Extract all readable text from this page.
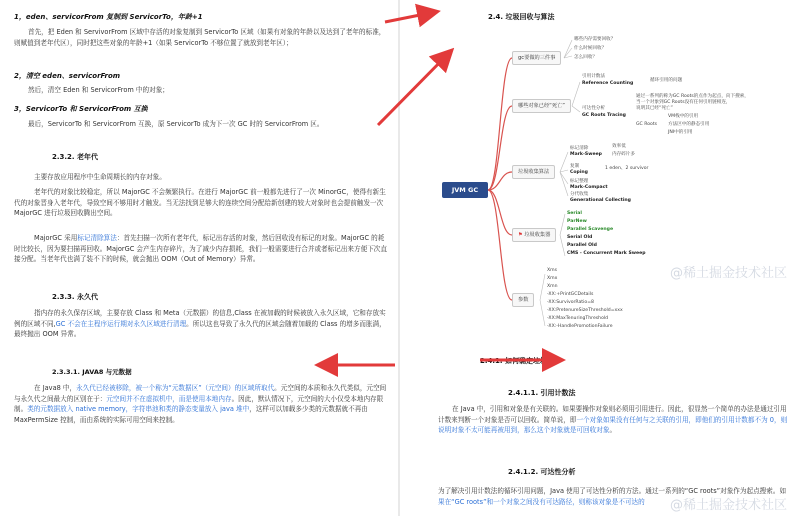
1，eden、servicorFrom 复制到 ServicorTo，年龄+1
首先，把 Eden 和 ServivorFrom 区域中存活的对象复制到 ServicorTo 区域（如果有对象的年龄以及达到了老年的标准，则赋值到老年代区），同时把这些对象的年龄+1（如果 ServicorTo 不够位置了就放到老年区）；
2，清空 eden、servicorFrom
然后，清空 Eden 和 ServicorFrom 中的对象；
3，ServicorTo 和 ServicorFrom 互换
最后，ServicorTo 和 ServicorFrom 互换，原 ServicorTo 成为下一次 GC 时的 ServicorFrom 区。
2.3.2. 老年代
主要存放应用程序中生命周期长的内存对象。
老年代的对象比较稳定，所以 MajorGC 不会频繁执行。在进行 MajorGC 前一般都先进行了一次 MinorGC，使得有新生代的对象晋身入老年代，导致空间不够用时才触发。当无法找到足够大的连续空间分配给新创建的较大对象时也会提前触发一次 MajorGC 进行垃圾回收腾出空间。
MajorGC 采用标记清除算法：首先扫描一次所有老年代，标记出存活的对象，然后回收没有标记的对象。MajorGC 的耗时比较长，因为要扫描再回收。MajorGC 会产生内存碎片，为了减少内存损耗，我们一般需要进行合并或者标记出来方便下次直接分配。当老年代也满了装不下的时候，就会抛出 OOM（Out of Memory）异常。
2.3.3. 永久代
指内存的永久保存区域，主要存放 Class 和 Meta（元数据）的信息,Class 在被加载的时候被放入永久区域，它和存放实例的区域不同,GC 不会在主程序运行期对永久区域进行清理。所以这也导致了永久代的区域会随着加载的 Class 的增多而胀满，最终抛出 OOM 异常。
2.3.3.1. JAVA8 与元数据
在 Java8 中，永久代已经被移除，被一个称为“元数据区”（元空间）的区域所取代。元空间的本质和永久代类似，元空间与永久代之间最大的区别在于：元空间并不在虚拟机中，而是使用本地内存。因此，默认情况下，元空间的大小仅受本地内存限制。类的元数据放入 native memory，字符串池和类的静态变量放入 java 堆中，这样可以加载多少类的元数据就不再由 MaxPermSize 控制，而由系统的实际可用空间来控制。
2.4. 垃圾回收与算法
JVM GC
gc要做的三件事
哪些内存需要回收？
什么时候回收？
怎么回收？
哪些对象已经“死亡”
引用计数法
Reference Counting
循环引用的问题
可达性分析
GC Roots Tracing
通过一系列的称为GC Roots的点作为起点，向下搜索，
当一个对象到GC Roots没有任何引用链相连，
说明其已经“死亡”
GC Roots
VM栈中的引用
方法区中的静态引用
JNI中的引用
垃圾收集算法
标记清除
Mark-Sweep
效率低
内存碎片多
复制
Coping
1 eden、2 survivor
标记整理
Mark-Compact
分代收集
Generational Collecting
⚑ 垃圾收集器
Serial
ParNew
Parallel Scavenge
Serial Old
Parallel Old
CMS - Concurrent Mark Sweep
参数
Xms
Xmx
Xmn
-XX:+PrintGCDetails
-XX:SurvivorRatio=8
-XX:PretenureSizeThreshold=xxx
-XX:MaxTenuringThreshold
-XX:-HandlePromotionFailure
2.4.1. 如何确定垃圾
2.4.1.1. 引用计数法
在 Java 中，引用和对象是有关联的。如果要操作对象则必须用引用进行。因此，很显然一个简单的办法是通过引用计数来判断一个对象是否可以回收。简单说，即一个对象如果没有任何与之关联的引用，即他们的引用计数都不为 0，则说明对象不太可能再被用到，那么这个对象就是可回收对象。
2.4.1.2. 可达性分析
为了解决引用计数法的循环引用问题，Java 使用了可达性分析的方法。通过一系列的“GC roots”对象作为起点搜索。如果在“GC roots”和一个对象之间没有可达路径，则称该对象是不可达的
@稀土掘金技术社区
@稀土掘金技术社区
